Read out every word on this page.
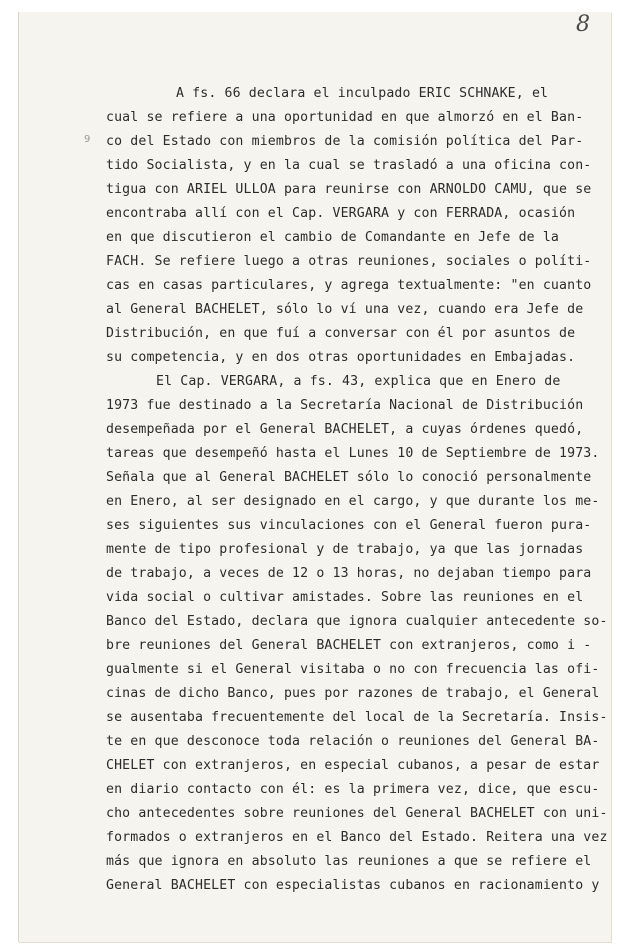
8
9
A fs. 66 declara el inculpado ERIC SCHNAKE, el
cual se refiere a una oportunidad en que almorzó en el Ban-
co del Estado con miembros de la comisión política del Par-
tido Socialista, y en la cual se trasladó a una oficina con-
tigua con ARIEL ULLOA para reunirse con ARNOLDO CAMU, que se
encontraba allí con el Cap. VERGARA y con FERRADA, ocasión
en que discutieron el cambio de Comandante en Jefe de la
FACH. Se refiere luego a otras reuniones, sociales o políti-
cas en casas particulares, y agrega textualmente: "en cuanto
al General BACHELET, sólo lo ví una vez, cuando era Jefe de
Distribución, en que fuí a conversar con él por asuntos de
su competencia, y en dos otras oportunidades en Embajadas.
El Cap. VERGARA, a fs. 43, explica que en Enero de
1973 fue destinado a la Secretaría Nacional de Distribución
desempeñada por el General BACHELET, a cuyas órdenes quedó,
tareas que desempeñó hasta el Lunes 10 de Septiembre de 1973.
Señala que al General BACHELET sólo lo conoció personalmente
en Enero, al ser designado en el cargo, y que durante los me-
ses siguientes sus vinculaciones con el General fueron pura-
mente de tipo profesional y de trabajo, ya que las jornadas
de trabajo, a veces de 12 o 13 horas, no dejaban tiempo para
vida social o cultivar amistades. Sobre las reuniones en el
Banco del Estado, declara que ignora cualquier antecedente so-
bre reuniones del General BACHELET con extranjeros, como i -
gualmente si el General visitaba o no con frecuencia las ofi-
cinas de dicho Banco, pues por razones de trabajo, el General
se ausentaba frecuentemente del local de la Secretaría. Insis-
te en que desconoce toda relación o reuniones del General BA-
CHELET con extranjeros, en especial cubanos, a pesar de estar
en diario contacto con él: es la primera vez, dice, que escu-
cho antecedentes sobre reuniones del General BACHELET con uni-
formados o extranjeros en el Banco del Estado. Reitera una vez
más que ignora en absoluto las reuniones a que se refiere el
General BACHELET con especialistas cubanos en racionamiento y
